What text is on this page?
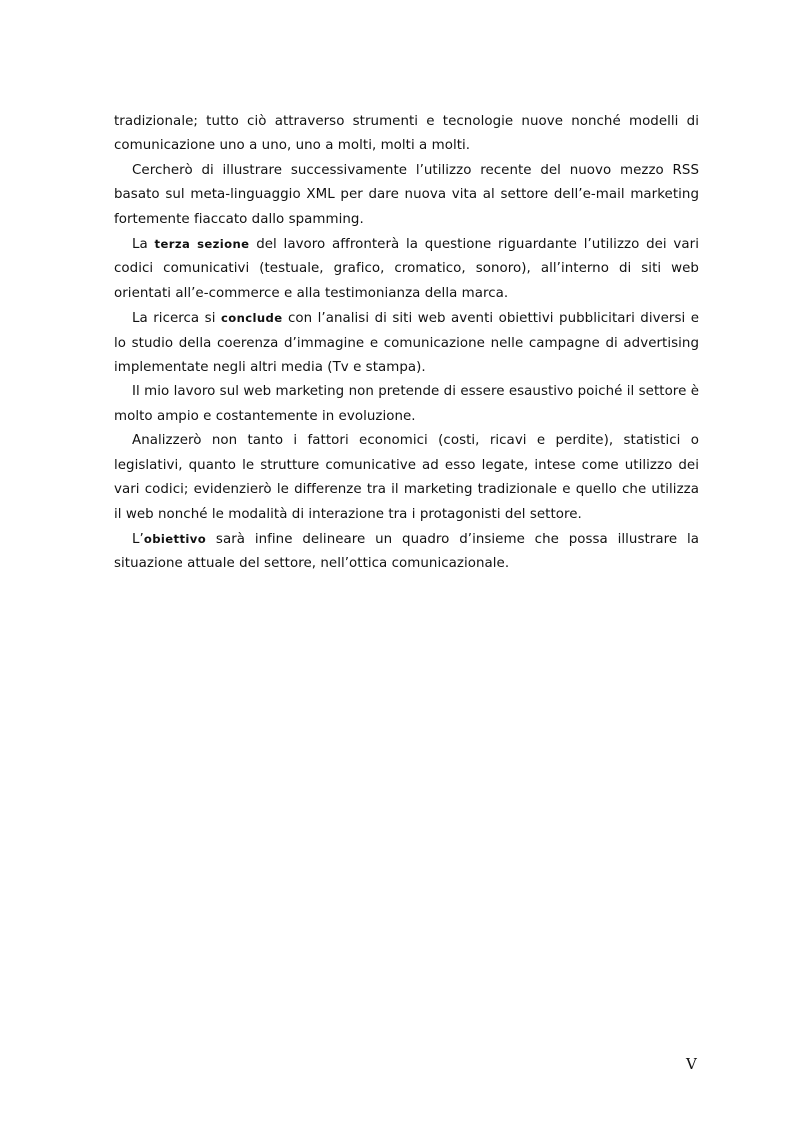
tradizionale; tutto ciò attraverso strumenti e tecnologie nuove nonché modelli di comunicazione uno a uno, uno a molti, molti a molti.

Cercherò di illustrare successivamente l’utilizzo recente del nuovo mezzo RSS basato sul meta-linguaggio XML per dare nuova vita al settore dell’e-mail marketing fortemente fiaccato dallo spamming.

La terza sezione del lavoro affronterà la questione riguardante l’utilizzo dei vari codici comunicativi (testuale, grafico, cromatico, sonoro), all’interno di siti web orientati all’e-commerce e alla testimonianza della marca.

La ricerca si conclude con l’analisi di siti web aventi obiettivi pubblicitari diversi e lo studio della coerenza d’immagine e comunicazione nelle campagne di advertising implementate negli altri media (Tv e stampa).

Il mio lavoro sul web marketing non pretende di essere esaustivo poiché il settore è molto ampio e costantemente in evoluzione.

Analizzerò non tanto i fattori economici (costi, ricavi e perdite), statistici o legislativi, quanto le strutture comunicative ad esso legate, intese come utilizzo dei vari codici; evidenzierò le differenze tra il marketing tradizionale e quello che utilizza il web nonché le modalità di interazione tra i protagonisti del settore.

L’obiettivo sarà infine delineare un quadro d’insieme che possa illustrare la situazione attuale del settore, nell’ottica comunicazionale.

V
